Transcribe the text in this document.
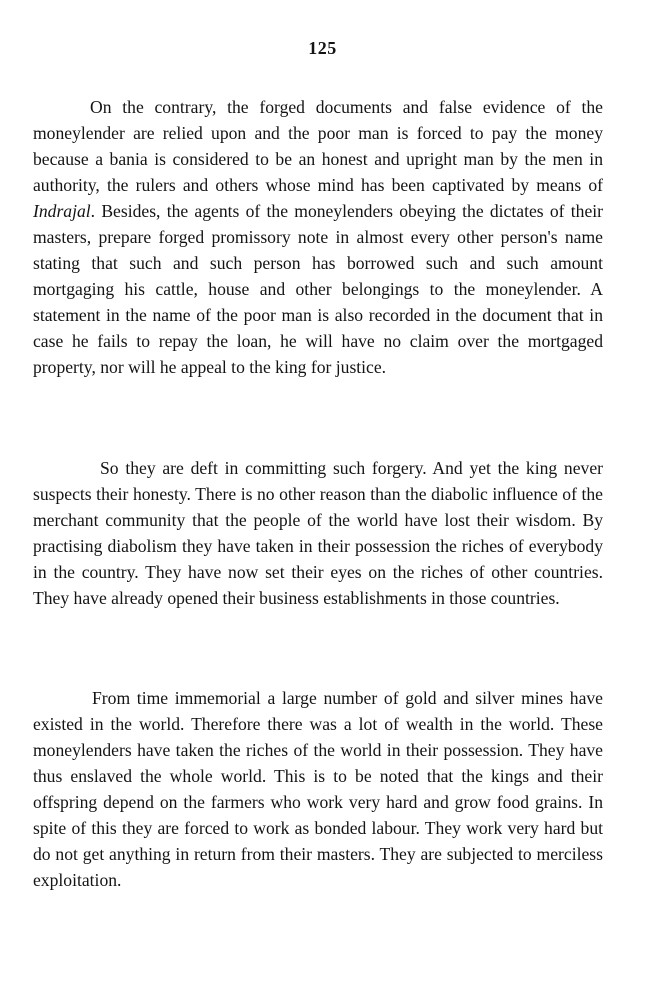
125

On the contrary, the forged documents and false evidence of the moneylender are relied upon and the poor man is forced to pay the money because a bania is considered to be an honest and upright man by the men in authority, the rulers and others whose mind has been captivated by means of Indrajal. Besides, the agents of the moneylenders obeying the dictates of their masters, prepare forged promissory note in almost every other person's name stating that such and such person has borrowed such and such amount mortgaging his cattle, house and other belongings to the moneylender. A statement in the name of the poor man is also recorded in the document that in case he fails to repay the loan, he will have no claim over the mortgaged property, nor will he appeal to the king for justice.

So they are deft in committing such forgery. And yet the king never suspects their honesty. There is no other reason than the diabolic influence of the merchant community that the people of the world have lost their wisdom. By practising diabolism they have taken in their possession the riches of everybody in the country. They have now set their eyes on the riches of other countries. They have already opened their business establishments in those countries.

From time immemorial a large number of gold and silver mines have existed in the world. Therefore there was a lot of wealth in the world. These moneylenders have taken the riches of the world in their possession. They have thus enslaved the whole world. This is to be noted that the kings and their offspring depend on the farmers who work very hard and grow food grains. In spite of this they are forced to work as bonded labour. They work very hard but do not get anything in return from their masters. They are subjected to merciless exploitation.
